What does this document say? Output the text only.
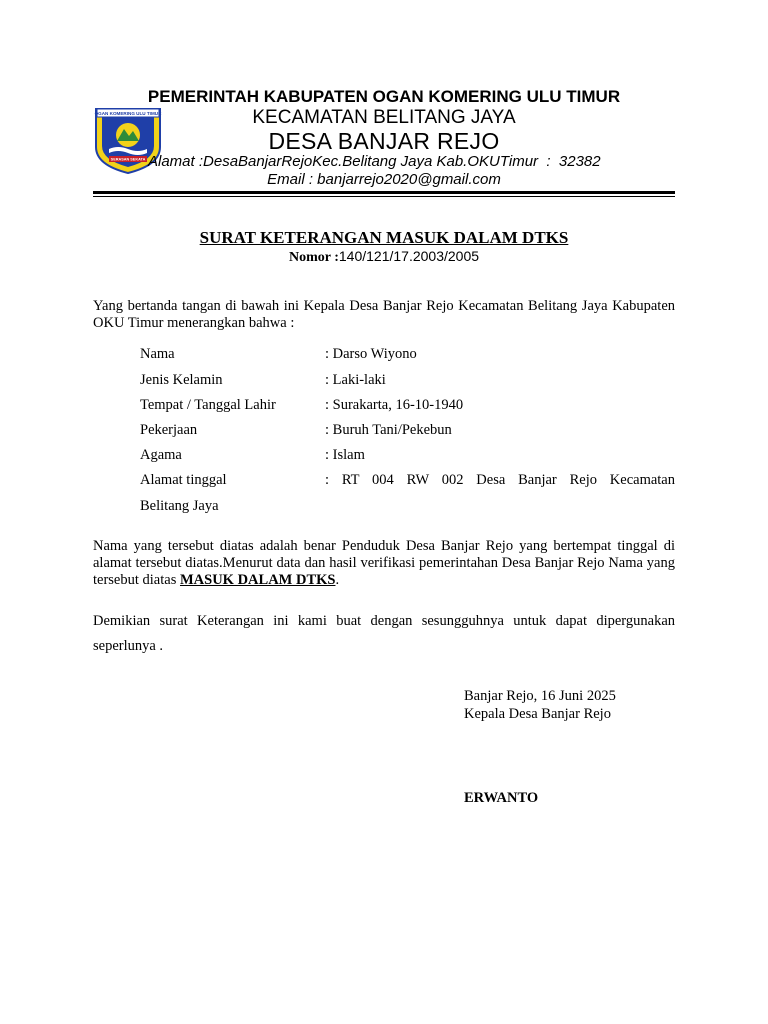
OGAN KOMERING ULU TIMUR
SERASAN SEKATA
PEMERINTAH KABUPATEN OGAN KOMERING ULU TIMUR
KECAMATAN BELITANG JAYA
DESA BANJAR REJO
Alamat :DesaBanjarRejoKec.Belitang Jaya Kab.OKUTimur  :  32382
Email : banjarrejo2020@gmail.com
SURAT KETERANGAN MASUK DALAM DTKS
Nomor :140/121/17.2003/2005
Yang bertanda tangan di bawah ini Kepala Desa Banjar Rejo Kecamatan Belitang Jaya Kabupaten OKU Timur menerangkan bahwa :
Nama	: Darso Wiyono
Jenis Kelamin	: Laki-laki
Tempat / Tanggal Lahir	: Surakarta, 16-10-1940
Pekerjaan	: Buruh Tani/Pekebun
Agama	: Islam
Alamat tinggal	: RT 004 RW 002 Desa Banjar Rejo Kecamatan
Belitang Jaya
Nama yang tersebut diatas adalah benar Penduduk Desa Banjar Rejo yang bertempat tinggal di alamat tersebut diatas.Menurut data dan hasil verifikasi pemerintahan Desa Banjar Rejo Nama yang tersebut diatas MASUK DALAM DTKS.
Demikian surat Keterangan ini kami buat dengan sesungguhnya untuk dapat dipergunakan
seperlunya .
Banjar Rejo, 16 Juni 2025
Kepala Desa Banjar Rejo
ERWANTO
